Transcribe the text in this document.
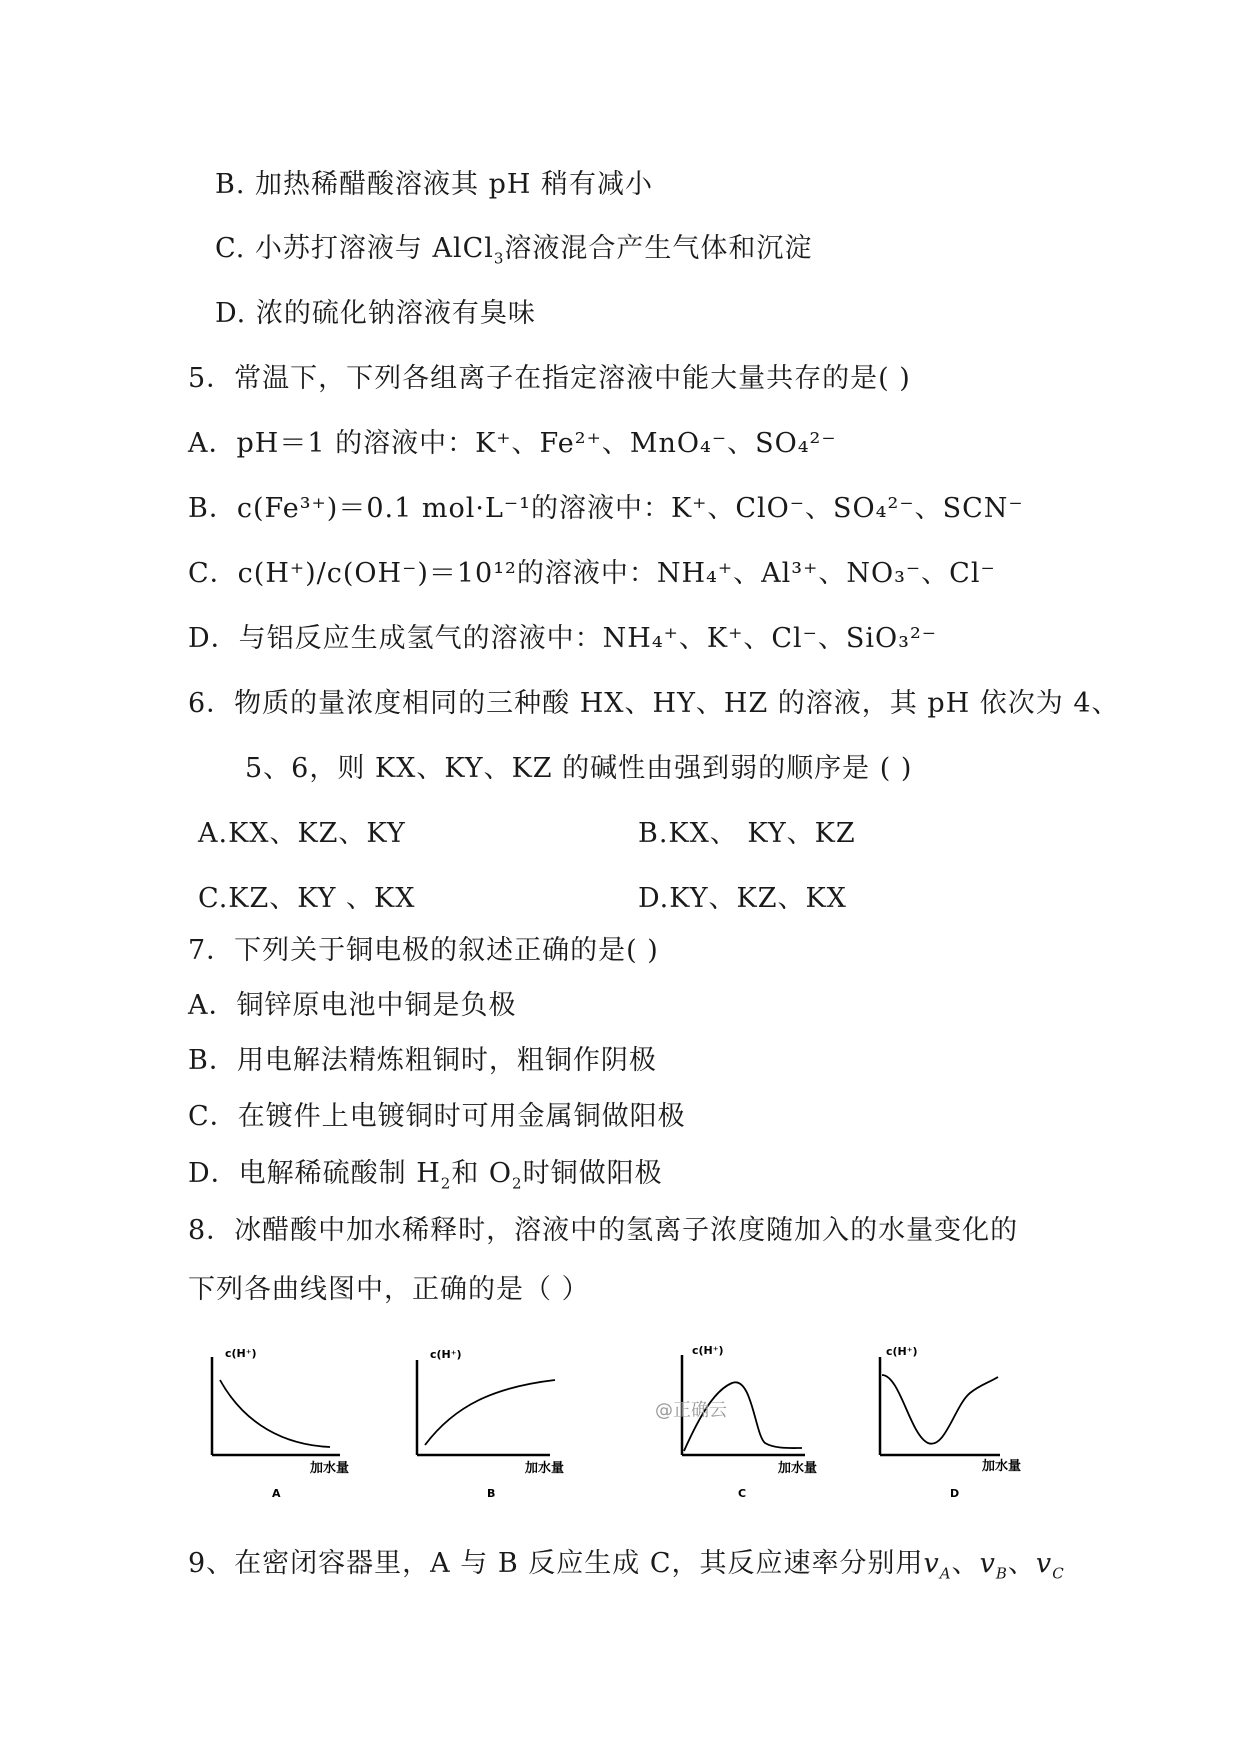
B. 加热稀醋酸溶液其 pH 稍有减小
C. 小苏打溶液与 AlCl$_3$溶液混合产生气体和沉淀
D. 浓的硫化钠溶液有臭味
5．常温下，下列各组离子在指定溶液中能大量共存的是( )
A．pH＝1 的溶液中：K⁺、Fe²⁺、MnO₄⁻、SO₄²⁻
B．c(Fe³⁺)＝0.1 mol·L⁻¹的溶液中：K⁺、ClO⁻、SO₄²⁻、SCN⁻
C．c(H⁺)/c(OH⁻)＝10¹²的溶液中：NH₄⁺、Al³⁺、NO₃⁻、Cl⁻
D．与铝反应生成氢气的溶液中：NH₄⁺、K⁺、Cl⁻、SiO₃²⁻
6．物质的量浓度相同的三种酸 HX、HY、HZ 的溶液，其 pH 依次为 4、
5、6，则 KX、KY、KZ 的碱性由强到弱的顺序是 ( )
A.KX、KZ、KY	B.KX、 KY、KZ
C.KZ、KY 、KX	D.KY、KZ、KX
7．下列关于铜电极的叙述正确的是( )
A．铜锌原电池中铜是负极
B．用电解法精炼粗铜时，粗铜作阴极
C．在镀件上电镀铜时可用金属铜做阳极
D．电解稀硫酸制 $H_2$和 $O_2$时铜做阳极
8．冰醋酸中加水稀释时，溶液中的氢离子浓度随加入的水量变化的
下列各曲线图中，正确的是（ ）
c(H⁺)
加水量
A
c(H⁺)
加水量
B
c(H⁺)
加水量
C
c(H⁺)
加水量
D
@正确云
9、在密闭容器里，A 与 B 反应生成 C，其反应速率分别用$v_A$、$v_B$、$v_C$
